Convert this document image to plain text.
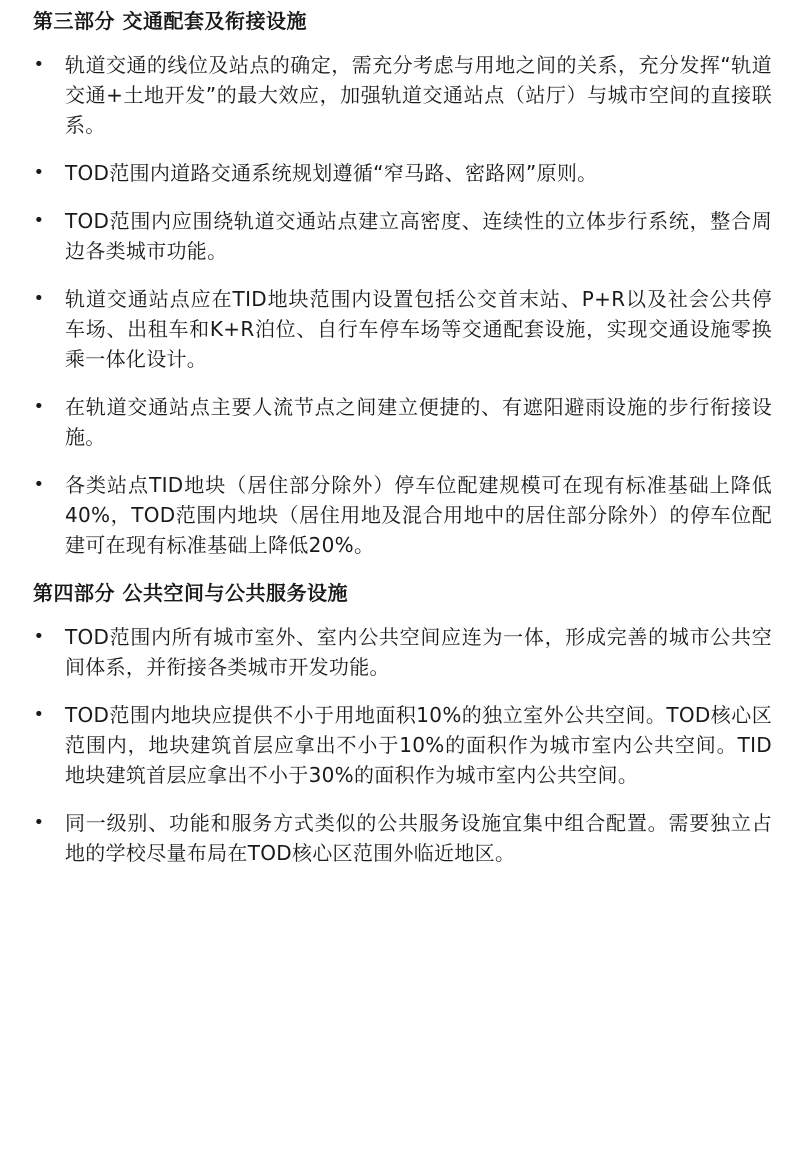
第三部分 交通配套及衔接设施
• 轨道交通的线位及站点的确定，需充分考虑与用地之间的关系，充分发挥“轨道交通+土地开发”的最大效应，加强轨道交通站点（站厅）与城市空间的直接联系。
• TOD范围内道路交通系统规划遵循“窄马路、密路网”原则。
• TOD范围内应围绕轨道交通站点建立高密度、连续性的立体步行系统，整合周边各类城市功能。
• 轨道交通站点应在TID地块范围内设置包括公交首末站、P+R以及社会公共停车场、出租车和K+R泊位、自行车停车场等交通配套设施，实现交通设施零换乘一体化设计。
• 在轨道交通站点主要人流节点之间建立便捷的、有遮阳避雨设施的步行衔接设施。
• 各类站点TID地块（居住部分除外）停车位配建规模可在现有标准基础上降低40%，TOD范围内地块（居住用地及混合用地中的居住部分除外）的停车位配建可在现有标准基础上降低20%。
第四部分 公共空间与公共服务设施
• TOD范围内所有城市室外、室内公共空间应连为一体，形成完善的城市公共空间体系，并衔接各类城市开发功能。
• TOD范围内地块应提供不小于用地面积10%的独立室外公共空间。TOD核心区范围内，地块建筑首层应拿出不小于10%的面积作为城市室内公共空间。TID地块建筑首层应拿出不小于30%的面积作为城市室内公共空间。
• 同一级别、功能和服务方式类似的公共服务设施宜集中组合配置。需要独立占地的学校尽量布局在TOD核心区范围外临近地区。
